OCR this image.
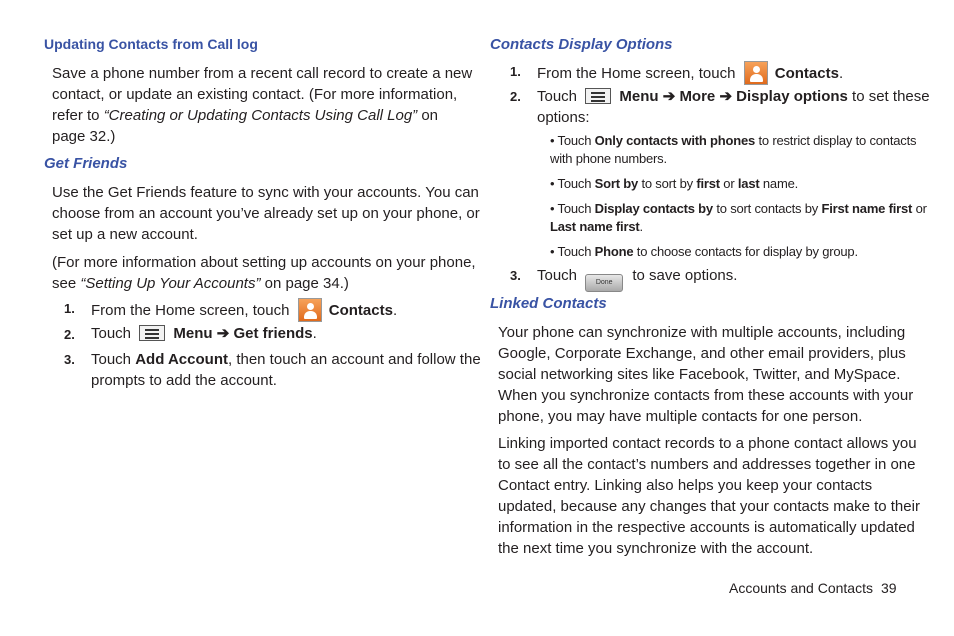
Updating Contacts from Call log
Save a phone number from a recent call record to create a new
contact, or update an existing contact. (For more information,
refer to “Creating or Updating Contacts Using Call Log” on
page 32.)
Get Friends
Use the Get Friends feature to sync with your accounts. You can
choose from an account you’ve already set up on your phone, or
set up a new account.
(For more information about setting up accounts on your phone,
see “Setting Up Your Accounts” on page 34.)
1. From the Home screen, touch	Contacts.
2. Touch	Menu ➔ Get friends.
3. Touch Add Account, then touch an account and follow the
prompts to add the account.
Contacts Display Options
1. From the Home screen, touch	Contacts.
2. Touch	Menu ➔ More ➔ Display options to set these
options:
• Touch Only contacts with phones to restrict display to contacts
with phone numbers.
• Touch Sort by to sort by first or last name.
• Touch Display contacts by to sort contacts by First name first or
Last name first.
• Touch Phone to choose contacts for display by group.
3. Touch	Done to save options.
Linked Contacts
Your phone can synchronize with multiple accounts, including
Google, Corporate Exchange, and other email providers, plus
social networking sites like Facebook, Twitter, and MySpace.
When you synchronize contacts from these accounts with your
phone, you may have multiple contacts for one person.
Linking imported contact records to a phone contact allows you
to see all the contact’s numbers and addresses together in one
Contact entry. Linking also helps you keep your contacts
updated, because any changes that your contacts make to their
information in the respective accounts is automatically updated
the next time you synchronize with the account.
Accounts and Contacts 39
